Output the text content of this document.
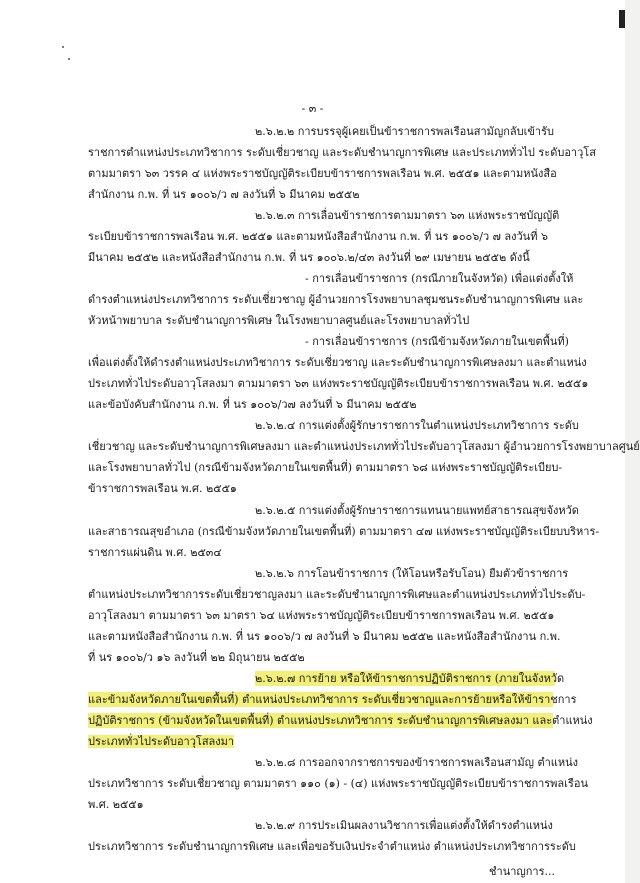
- ๓ -
๒.๖.๒.๒ การบรรจุผู้เคยเป็นข้าราชการพลเรือนสามัญกลับเข้ารับ
ราชการตำแหน่งประเภทวิชาการ ระดับเชี่ยวชาญ และระดับชำนาญการพิเศษ และประเภททั่วไป ระดับอาวุโส
ตามมาตรา ๖๓ วรรค ๔ แห่งพระราชบัญญัติระเบียบข้าราชการพลเรือน พ.ศ. ๒๕๕๑ และตามหนังสือ
สำนักงาน ก.พ. ที่ นร ๑๐๐๖/ว ๗ ลงวันที่ ๖ มีนาคม ๒๕๕๒
๒.๖.๒.๓ การเลื่อนข้าราชการตามมาตรา ๖๓ แห่งพระราชบัญญัติ
ระเบียบข้าราชการพลเรือน พ.ศ. ๒๕๕๑ และตามหนังสือสำนักงาน ก.พ. ที่ นร ๑๐๐๖/ว ๗ ลงวันที่ ๖
มีนาคม ๒๕๕๒ และหนังสือสำนักงาน ก.พ. ที่ นร ๑๐๐๖.๒/๔๓ ลงวันที่ ๒๙ เมษายน ๒๕๕๒ ดังนี้
- การเลื่อนข้าราชการ (กรณีภายในจังหวัด) เพื่อแต่งตั้งให้
ดำรงตำแหน่งประเภทวิชาการ ระดับเชี่ยวชาญ ผู้อำนวยการโรงพยาบาลชุมชนระดับชำนาญการพิเศษ และ
หัวหน้าพยาบาล ระดับชำนาญการพิเศษ ในโรงพยาบาลศูนย์และโรงพยาบาลทั่วไป
- การเลื่อนข้าราชการ (กรณีข้ามจังหวัดภายในเขตพื้นที่)
เพื่อแต่งตั้งให้ดำรงตำแหน่งประเภทวิชาการ ระดับเชี่ยวชาญ และระดับชำนาญการพิเศษลงมา และตำแหน่ง
ประเภททั่วไประดับอาวุโสลงมา ตามมาตรา ๖๓ แห่งพระราชบัญญัติระเบียบข้าราชการพลเรือน พ.ศ. ๒๕๕๑
และข้อบังคับสำนักงาน ก.พ. ที่ นร ๑๐๐๖/ว๗ ลงวันที่ ๖ มีนาคม ๒๕๕๒
๒.๖.๒.๔ การแต่งตั้งผู้รักษาราชการในตำแหน่งประเภทวิชาการ ระดับ
เชี่ยวชาญ และระดับชำนาญการพิเศษลงมา และตำแหน่งประเภททั่วไประดับอาวุโสลงมา ผู้อำนวยการโรงพยาบาลศูนย์
และโรงพยาบาลทั่วไป (กรณีข้ามจังหวัดภายในเขตพื้นที่) ตามมาตรา ๖๘ แห่งพระราชบัญญัติระเบียบ-
ข้าราชการพลเรือน พ.ศ. ๒๕๕๑
๒.๖.๒.๕ การแต่งตั้งผู้รักษาราชการแทนนายแพทย์สาธารณสุขจังหวัด
และสาธารณสุขอำเภอ (กรณีข้ามจังหวัดภายในเขตพื้นที่) ตามมาตรา ๔๗ แห่งพระราชบัญญัติระเบียบบริหาร-
ราชการแผ่นดิน พ.ศ. ๒๕๓๔
๒.๖.๒.๖ การโอนข้าราชการ (ให้โอนหรือรับโอน) ยืมตัวข้าราชการ
ตำแหน่งประเภทวิชาการระดับเชี่ยวชาญลงมา และระดับชำนาญการพิเศษและตำแหน่งประเภททั่วไประดับ-
อาวุโสลงมา ตามมาตรา ๖๓ มาตรา ๖๔ แห่งพระราชบัญญัติระเบียบข้าราชการพลเรือน พ.ศ. ๒๕๕๑
และตามหนังสือสำนักงาน ก.พ. ที่ นร ๑๐๐๖/ว ๗ ลงวันที่ ๖ มีนาคม ๒๕๕๒ และหนังสือสำนักงาน ก.พ.
ที่ นร ๑๐๐๖/ว ๑๖ ลงวันที่ ๒๒ มิถุนายน ๒๕๕๒
๒.๖.๒.๗ การย้าย หรือให้ข้าราชการปฏิบัติราชการ (ภายในจังหวัด
และข้ามจังหวัดภายในเขตพื้นที่) ตำแหน่งประเภทวิชาการ ระดับเชี่ยวชาญและการย้ายหรือให้ข้าราชการ
ปฏิบัติราชการ (ข้ามจังหวัดในเขตพื้นที่) ตำแหน่งประเภทวิชาการ ระดับชำนาญการพิเศษลงมา และตำแหน่ง
ประเภททั่วไประดับอาวุโสลงมา
๒.๖.๒.๘ การออกจากราชการของข้าราชการพลเรือนสามัญ ตำแหน่ง
ประเภทวิชาการ ระดับเชี่ยวชาญ ตามมาตรา ๑๑๐ (๑) - (๔) แห่งพระราชบัญญัติระเบียบข้าราชการพลเรือน
พ.ศ. ๒๕๕๑
๒.๖.๒.๙ การประเมินผลงานวิชาการเพื่อแต่งตั้งให้ดำรงตำแหน่ง
ประเภทวิชาการ ระดับชำนาญการพิเศษ และเพื่อขอรับเงินประจำตำแหน่ง ตำแหน่งประเภทวิชาการระดับ
ชำนาญการ...
